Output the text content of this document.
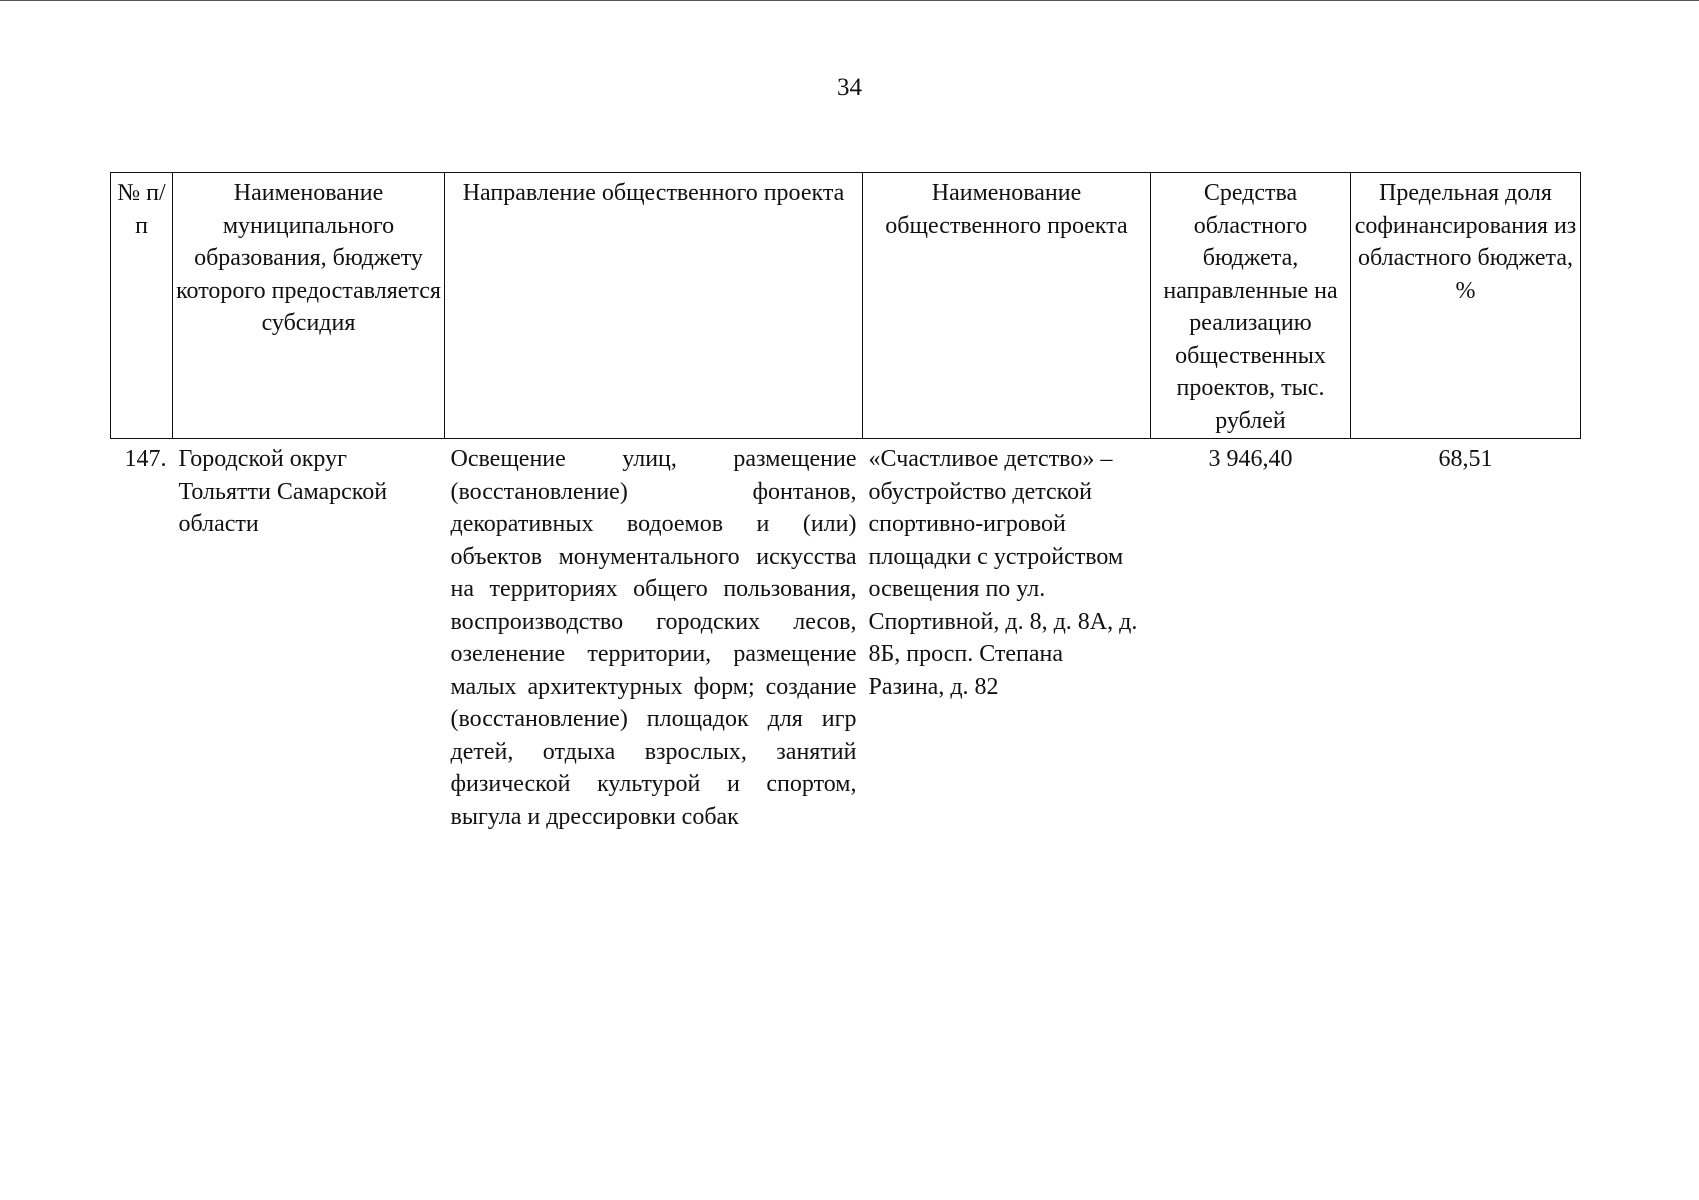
34
№ п/п	Наименование муниципального образования, бюджету которого предоставляется субсидия	Направление общественного проекта	Наименование общественного проекта	Средства областного бюджета, направленные на реализацию общественных проектов, тыс. рублей	Предельная доля софинансирования из областного бюджета, %
147.	Городской округ Тольятти Самарской области	Освещение улиц, размещение (восстановление) фонтанов, декоративных водоемов и (или) объектов монументального искусства на территориях общего пользования, воспроизводство городских лесов, озеленение территории, размещение малых архитектурных форм; создание (восстановление) площадок для игр детей, отдыха взрослых, занятий физической культурой и спортом, выгула и дрессировки собак	«Счастливое детство» – обустройство детской спортивно-игровой площадки с устройством освещения по ул. Спортивной, д. 8, д. 8А, д. 8Б, просп. Степана Разина, д. 82	3 946,40	68,51
